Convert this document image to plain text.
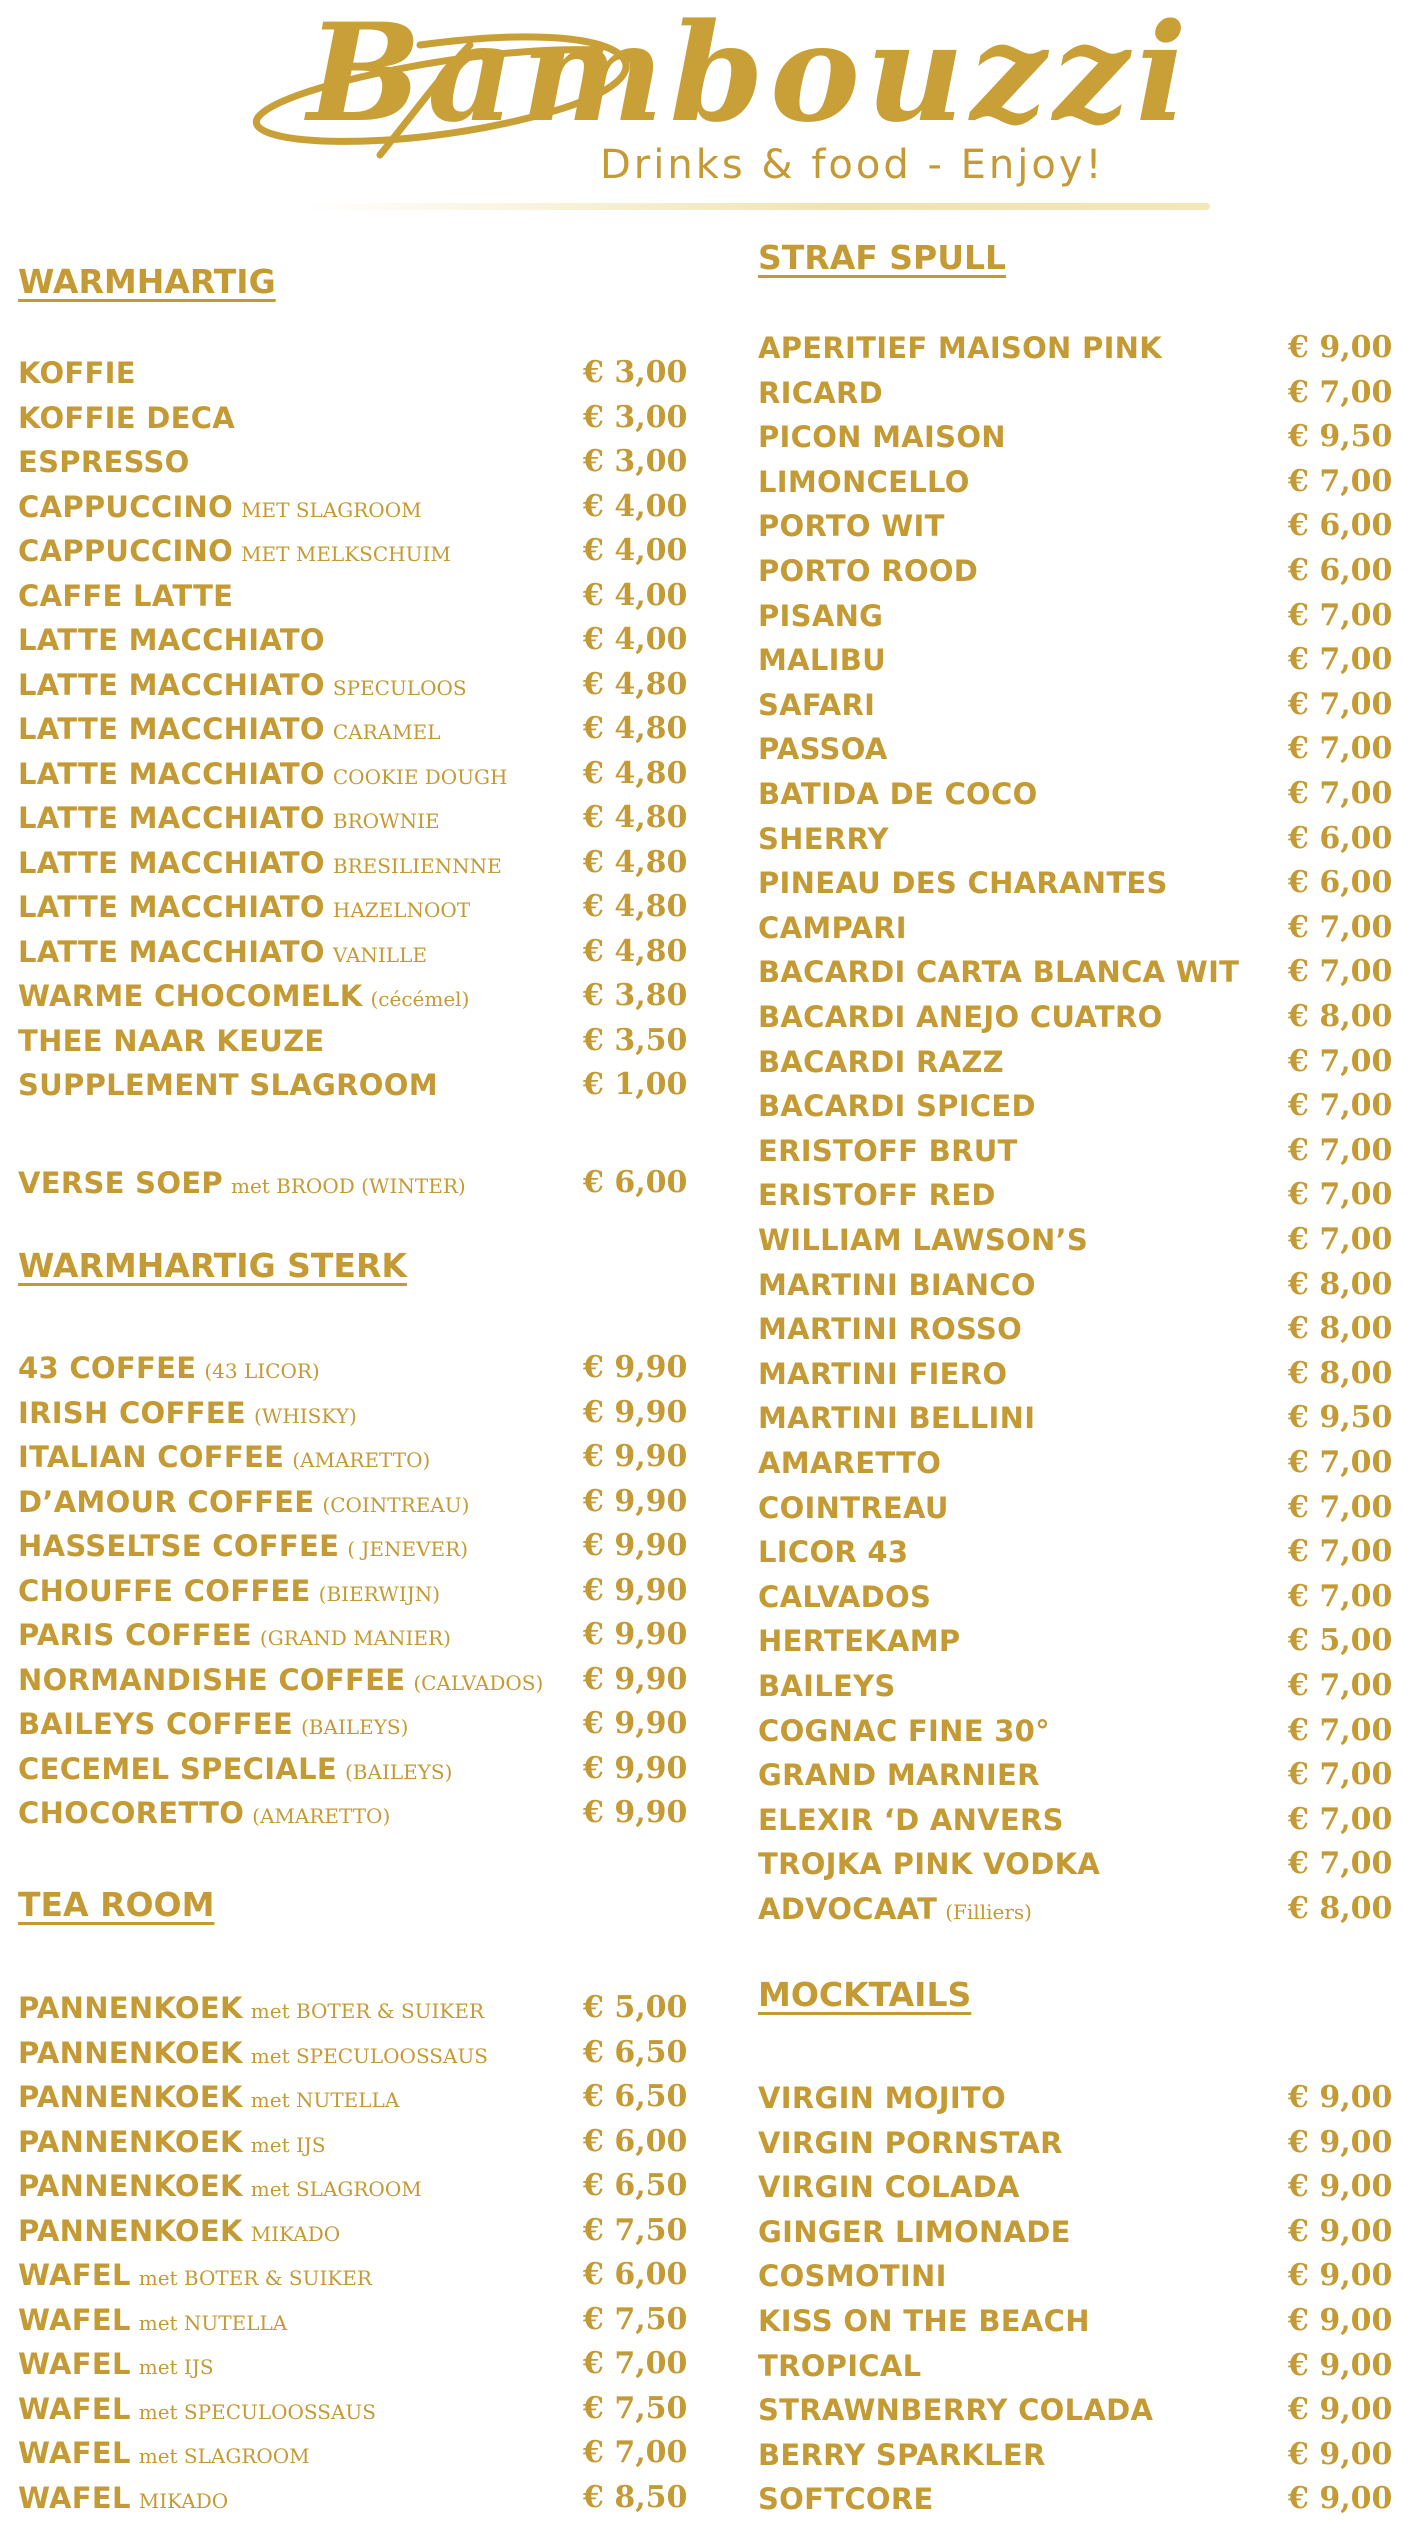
Bambouzzi
Drinks & food - Enjoy!
WARMHARTIG
KOFFIE	€ 3,00
KOFFIE DECA	€ 3,00
ESPRESSO	€ 3,00
CAPPUCCINO MET SLAGROOM	€ 4,00
CAPPUCCINO MET MELKSCHUIM	€ 4,00
CAFFE LATTE	€ 4,00
LATTE MACCHIATO	€ 4,00
LATTE MACCHIATO SPECULOOS	€ 4,80
LATTE MACCHIATO CARAMEL	€ 4,80
LATTE MACCHIATO COOKIE DOUGH	€ 4,80
LATTE MACCHIATO BROWNIE	€ 4,80
LATTE MACCHIATO BRESILIENNNE	€ 4,80
LATTE MACCHIATO HAZELNOOT	€ 4,80
LATTE MACCHIATO VANILLE	€ 4,80
WARME CHOCOMELK (cécémel)	€ 3,80
THEE NAAR KEUZE	€ 3,50
SUPPLEMENT SLAGROOM	€ 1,00
VERSE SOEP met BROOD (WINTER)	€ 6,00
WARMHARTIG STERK
43 COFFEE (43 LICOR)	€ 9,90
IRISH COFFEE (WHISKY)	€ 9,90
ITALIAN COFFEE (AMARETTO)	€ 9,90
D’AMOUR COFFEE (COINTREAU)	€ 9,90
HASSELTSE COFFEE ( JENEVER)	€ 9,90
CHOUFFE COFFEE (BIERWIJN)	€ 9,90
PARIS COFFEE (GRAND MANIER)	€ 9,90
NORMANDISHE COFFEE (CALVADOS) € 9,90
BAILEYS COFFEE (BAILEYS)	€ 9,90
CECEMEL SPECIALE (BAILEYS)	€ 9,90
CHOCORETTO (AMARETTO)	€ 9,90
TEA ROOM
PANNENKOEK met BOTER & SUIKER	€ 5,00
PANNENKOEK met SPECULOOSSAUS	€ 6,50
PANNENKOEK met NUTELLA	€ 6,50
PANNENKOEK met IJS	€ 6,00
PANNENKOEK met SLAGROOM	€ 6,50
PANNENKOEK MIKADO	€ 7,50
WAFEL met BOTER & SUIKER	€ 6,00
WAFEL met NUTELLA	€ 7,50
WAFEL met IJS	€ 7,00
WAFEL met SPECULOOSSAUS	€ 7,50
WAFEL met SLAGROOM	€ 7,00
WAFEL MIKADO	€ 8,50
STRAF SPULL
APERITIEF MAISON PINK	€ 9,00
RICARD	€ 7,00
PICON MAISON	€ 9,50
LIMONCELLO	€ 7,00
PORTO WIT	€ 6,00
PORTO ROOD	€ 6,00
PISANG	€ 7,00
MALIBU	€ 7,00
SAFARI	€ 7,00
PASSOA	€ 7,00
BATIDA DE COCO	€ 7,00
SHERRY	€ 6,00
PINEAU DES CHARANTES	€ 6,00
CAMPARI	€ 7,00
BACARDI CARTA BLANCA WIT € 7,00
BACARDI ANEJO CUATRO	€ 8,00
BACARDI RAZZ	€ 7,00
BACARDI SPICED	€ 7,00
ERISTOFF BRUT	€ 7,00
ERISTOFF RED	€ 7,00
WILLIAM LAWSON’S	€ 7,00
MARTINI BIANCO	€ 8,00
MARTINI ROSSO	€ 8,00
MARTINI FIERO	€ 8,00
MARTINI BELLINI	€ 9,50
AMARETTO	€ 7,00
COINTREAU	€ 7,00
LICOR 43	€ 7,00
CALVADOS	€ 7,00
HERTEKAMP	€ 5,00
BAILEYS	€ 7,00
COGNAC FINE 30°	€ 7,00
GRAND MARNIER	€ 7,00
ELEXIR ‘D ANVERS	€ 7,00
TROJKA PINK VODKA	€ 7,00
ADVOCAAT (Filliers)	€ 8,00
MOCKTAILS
VIRGIN MOJITO	€ 9,00
VIRGIN PORNSTAR	€ 9,00
VIRGIN COLADA	€ 9,00
GINGER LIMONADE	€ 9,00
COSMOTINI	€ 9,00
KISS ON THE BEACH	€ 9,00
TROPICAL	€ 9,00
STRAWNBERRY COLADA	€ 9,00
BERRY SPARKLER	€ 9,00
SOFTCORE	€ 9,00
